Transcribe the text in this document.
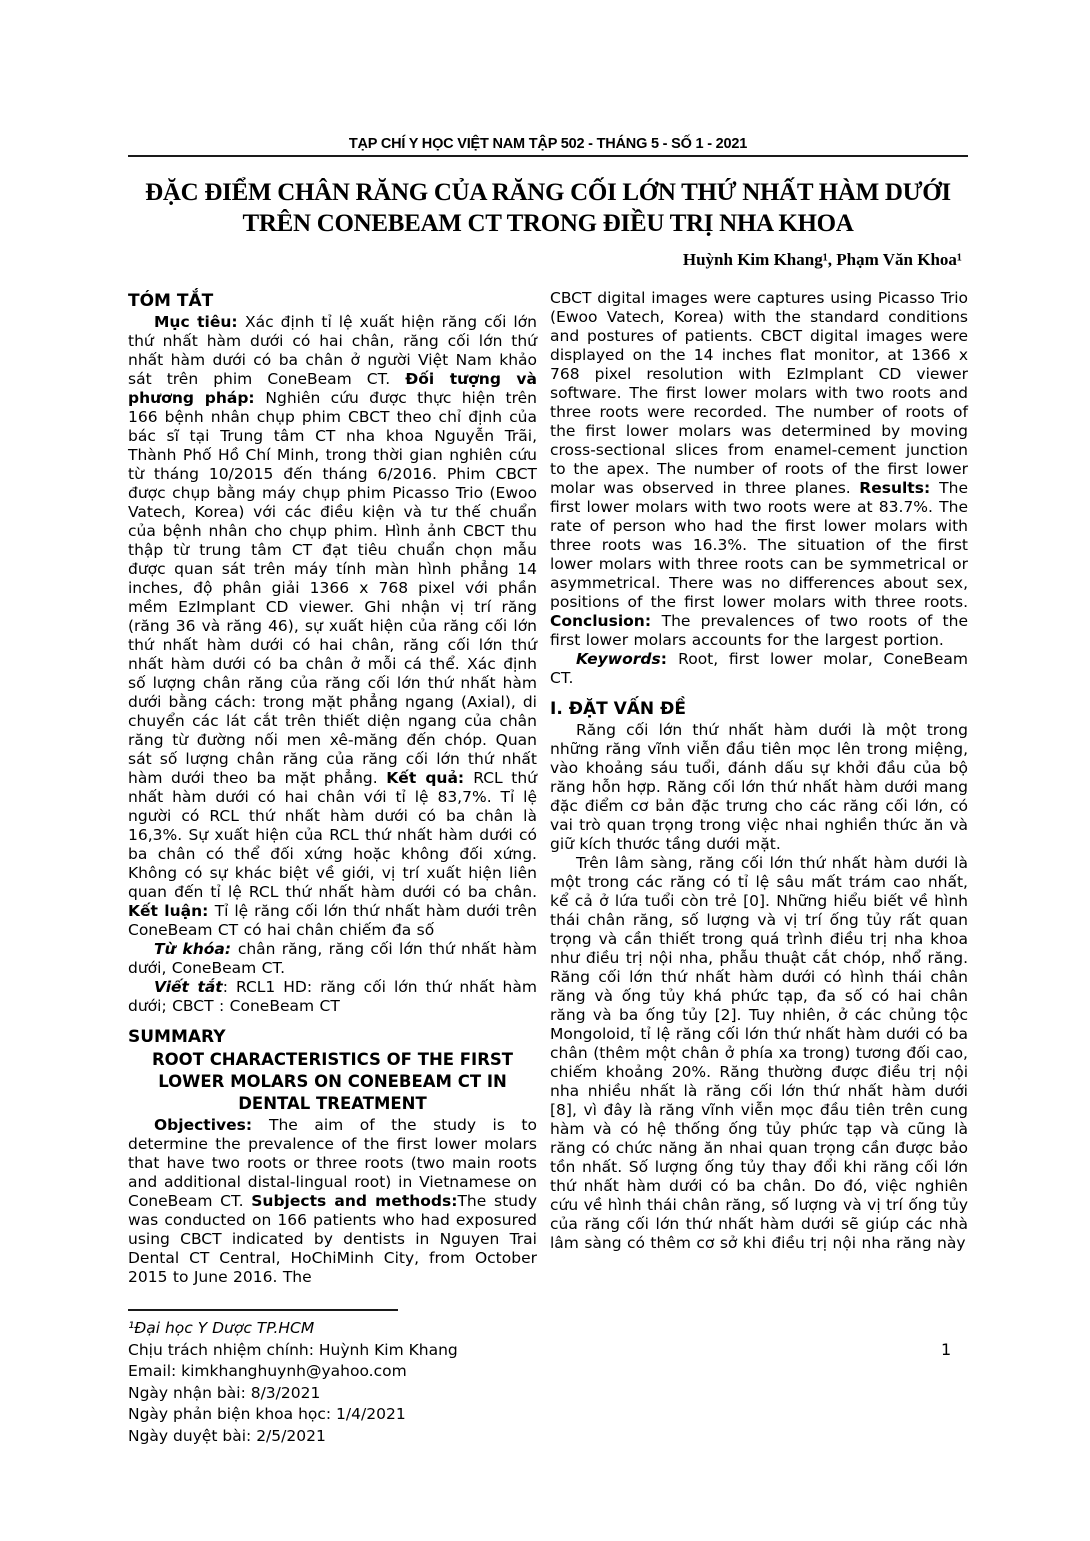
TẠP CHÍ Y HỌC VIỆT NAM TẬP 502 - THÁNG 5 - SỐ 1 - 2021
ĐẶC ĐIỂM CHÂN RĂNG CỦA RĂNG CỐI LỚN THỨ NHẤT HÀM DƯỚI
TRÊN CONEBEAM CT TRONG ĐIỀU TRỊ NHA KHOA
Huỳnh Kim Khang¹, Phạm Văn Khoa¹
TÓM TẮT
Mục tiêu: Xác định tỉ lệ xuất hiện răng cối lớn thứ nhất hàm dưới có hai chân, răng cối lớn thứ nhất hàm dưới có ba chân ở người Việt Nam khảo sát trên phim ConeBeam CT. Đối tượng và phương pháp: Nghiên cứu được thực hiện trên 166 bệnh nhân chụp phim CBCT theo chỉ định của bác sĩ tại Trung tâm CT nha khoa Nguyễn Trãi, Thành Phố Hồ Chí Minh, trong thời gian nghiên cứu từ tháng 10/2015 đến tháng 6/2016. Phim CBCT được chụp bằng máy chụp phim Picasso Trio (Ewoo Vatech, Korea) với các điều kiện và tư thế chuẩn của bệnh nhân cho chụp phim. Hình ảnh CBCT thu thập từ trung tâm CT đạt tiêu chuẩn chọn mẫu được quan sát trên máy tính màn hình phẳng 14 inches, độ phân giải 1366 x 768 pixel với phần mềm EzImplant CD viewer. Ghi nhận vị trí răng (răng 36 và răng 46), sự xuất hiện của răng cối lớn thứ nhất hàm dưới có hai chân, răng cối lớn thứ nhất hàm dưới có ba chân ở mỗi cá thể. Xác định số lượng chân răng của răng cối lớn thứ nhất hàm dưới bằng cách: trong mặt phẳng ngang (Axial), di chuyển các lát cắt trên thiết diện ngang của chân răng từ đường nối men xê-măng đến chóp. Quan sát số lượng chân răng của răng cối lớn thứ nhất hàm dưới theo ba mặt phẳng. Kết quả: RCL thứ nhất hàm dưới có hai chân với tỉ lệ 83,7%. Tỉ lệ người có RCL thứ nhất hàm dưới có ba chân là 16,3%. Sự xuất hiện của RCL thứ nhất hàm dưới có ba chân có thể đối xứng hoặc không đối xứng. Không có sự khác biệt về giới, vị trí xuất hiện liên quan đến tỉ lệ RCL thứ nhất hàm dưới có ba chân. Kết luận: Tỉ lệ răng cối lớn thứ nhất hàm dưới trên ConeBeam CT có hai chân chiếm đa số
Từ khóa: chân răng, răng cối lớn thứ nhất hàm dưới, ConeBeam CT.
Viết tắt: RCL1 HD: răng cối lớn thứ nhất hàm dưới; CBCT : ConeBeam CT
SUMMARY
ROOT CHARACTERISTICS OF THE FIRST LOWER MOLARS ON CONEBEAM CT IN DENTAL TREATMENT
Objectives: The aim of the study is to determine the prevalence of the first lower molars that have two roots or three roots (two main roots and additional distal-lingual root) in Vietnamese on ConeBeam CT. Subjects and methods:The study was conducted on 166 patients who had exposured using CBCT indicated by dentists in Nguyen Trai Dental CT Central, HoChiMinh City, from October 2015 to June 2016. The
¹Đại học Y Dược TP.HCM
Chịu trách nhiệm chính: Huỳnh Kim Khang
Email: kimkhanghuynh@yahoo.com
Ngày nhận bài: 8/3/2021
Ngày phản biện khoa học: 1/4/2021
Ngày duyệt bài: 2/5/2021
CBCT digital images were captures using Picasso Trio (Ewoo Vatech, Korea) with the standard conditions and postures of patients. CBCT digital images were displayed on the 14 inches flat monitor, at 1366 x 768 pixel resolution with EzImplant CD viewer software. The first lower molars with two roots and three roots were recorded. The number of roots of the first lower molars was determined by moving cross-sectional slices from enamel-cement junction to the apex. The number of roots of the first lower molar was observed in three planes. Results: The first lower molars with two roots were at 83.7%. The rate of person who had the first lower molars with three roots was 16.3%. The situation of the first lower molars with three roots can be symmetrical or asymmetrical. There was no differences about sex, positions of the first lower molars with three roots. Conclusion: The prevalences of two roots of the first lower molars accounts for the largest portion.
Keywords: Root, first lower molar, ConeBeam CT.
I. ĐẶT VẤN ĐỀ
Răng cối lớn thứ nhất hàm dưới là một trong những răng vĩnh viễn đầu tiên mọc lên trong miệng, vào khoảng sáu tuổi, đánh dấu sự khởi đầu của bộ răng hỗn hợp. Răng cối lớn thứ nhất hàm dưới mang đặc điểm cơ bản đặc trưng cho các răng cối lớn, có vai trò quan trọng trong việc nhai nghiền thức ăn và giữ kích thước tầng dưới mặt.
Trên lâm sàng, răng cối lớn thứ nhất hàm dưới là một trong các răng có tỉ lệ sâu mất trám cao nhất, kể cả ở lứa tuổi còn trẻ [0]. Những hiểu biết về hình thái chân răng, số lượng và vị trí ống tủy rất quan trọng và cần thiết trong quá trình điều trị nha khoa như điều trị nội nha, phẫu thuật cắt chóp, nhổ răng. Răng cối lớn thứ nhất hàm dưới có hình thái chân răng và ống tủy khá phức tạp, đa số có hai chân răng và ba ống tủy [2]. Tuy nhiên, ở các chủng tộc Mongoloid, tỉ lệ răng cối lớn thứ nhất hàm dưới có ba chân (thêm một chân ở phía xa trong) tương đối cao, chiếm khoảng 20%. Răng thường được điều trị nội nha nhiều nhất là răng cối lớn thứ nhất hàm dưới [8], vì đây là răng vĩnh viễn mọc đầu tiên trên cung hàm và có hệ thống ống tủy phức tạp và cũng là răng có chức năng ăn nhai quan trọng cần được bảo tồn nhất. Số lượng ống tủy thay đổi khi răng cối lớn thứ nhất hàm dưới có ba chân. Do đó, việc nghiên cứu về hình thái chân răng, số lượng và vị trí ống tủy của răng cối lớn thứ nhất hàm dưới sẽ giúp các nhà lâm sàng có thêm cơ sở khi điều trị nội nha răng này
1
